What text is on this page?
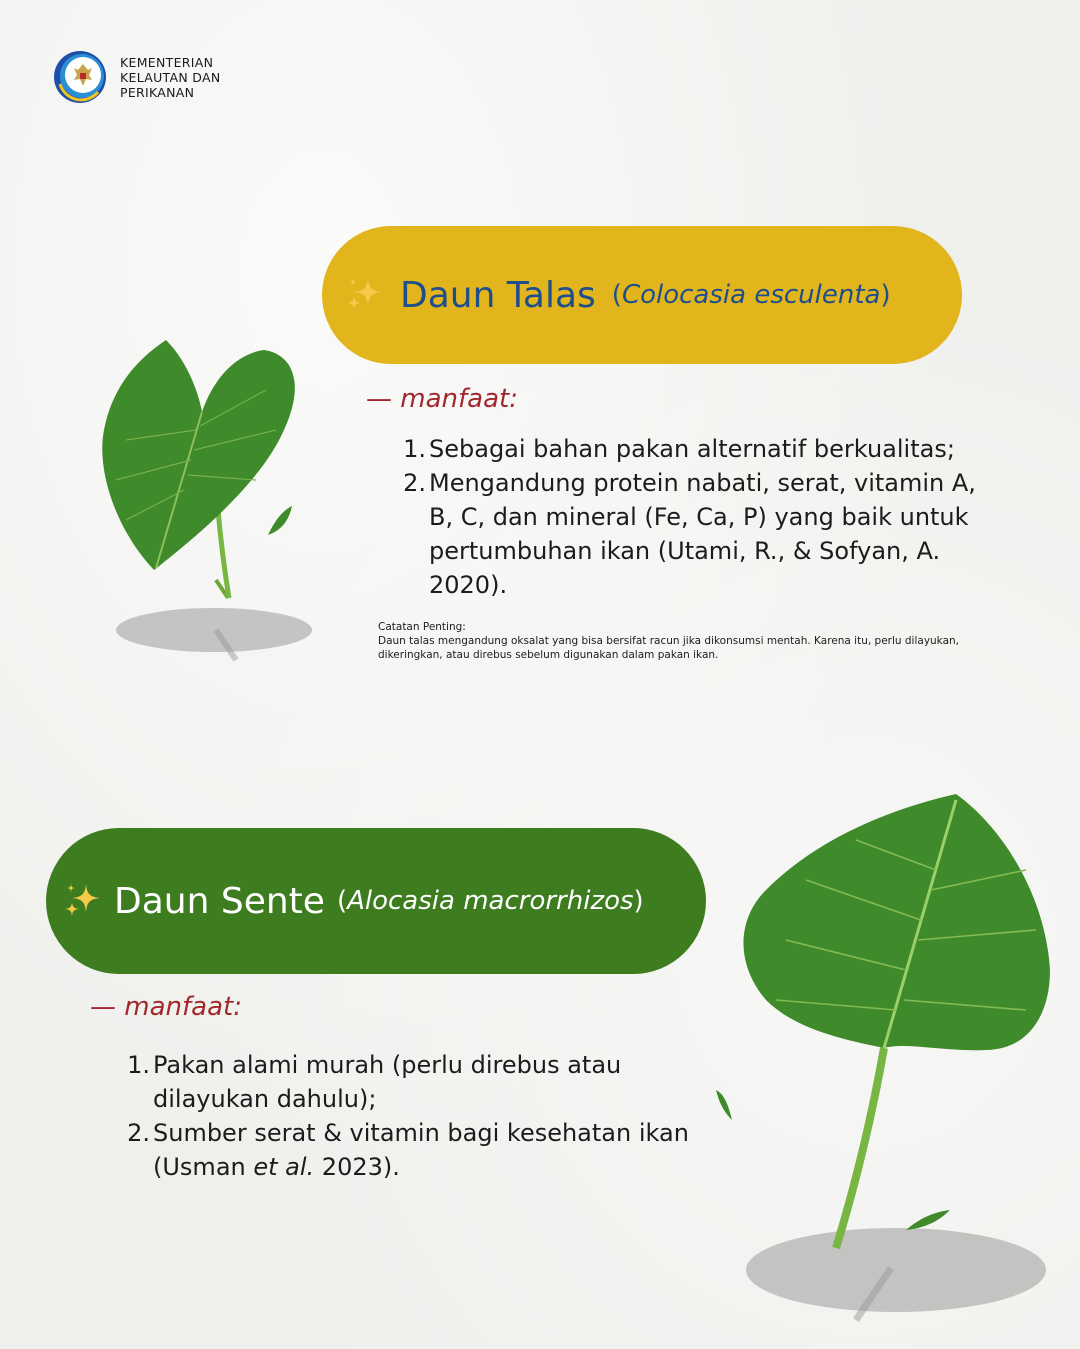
KEMENTERIAN
KELAUTAN DAN
PERIKANAN
Daun Talas (Colocasia esculenta)
— manfaat:
1. Sebagai bahan pakan alternatif berkualitas;
2. Mengandung protein nabati, serat, vitamin A, B, C, dan mineral (Fe, Ca, P) yang baik untuk pertumbuhan ikan (Utami, R., & Sofyan, A. 2020).
Catatan Penting:
Daun talas mengandung oksalat yang bisa bersifat racun jika dikonsumsi mentah. Karena itu, perlu dilayukan, dikeringkan, atau direbus sebelum digunakan dalam pakan ikan.
Daun Sente (Alocasia macrorrhizos)
— manfaat:
1. Pakan alami murah (perlu direbus atau dilayukan dahulu);
2. Sumber serat & vitamin bagi kesehatan ikan (Usman et al. 2023).
